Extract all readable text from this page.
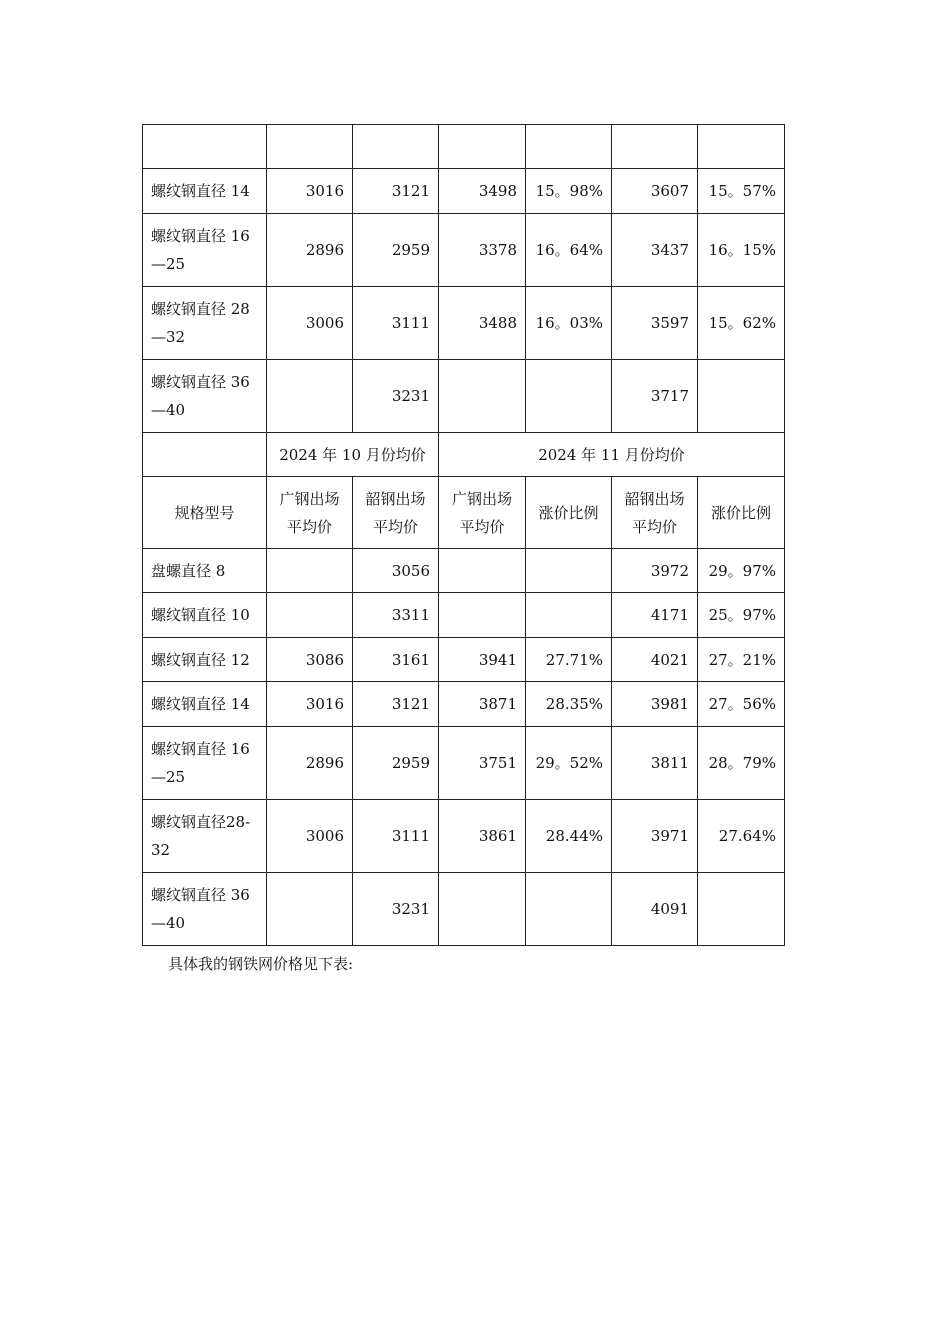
螺纹钢直径 14	3016	3121	3498	15。98%	3607	15。57%
螺纹钢直径 16—25	2896	2959	3378	16。64%	3437	16。15%
螺纹钢直径 28—32	3006	3111	3488	16。03%	3597	15。62%
螺纹钢直径 36—40		3231			3717	
	2024 年 10 月份均价		2024 年 11 月份均价			
规格型号	广钢出场平均价	韶钢出场平均价	广钢出场平均价	涨价比例	韶钢出场平均价	涨价比例
盘螺直径 8		3056			3972	29。97%
螺纹钢直径 10		3311			4171	25。97%
螺纹钢直径 12	3086	3161	3941	27.71%	4021	27。21%
螺纹钢直径 14	3016	3121	3871	28.35%	3981	27。56%
螺纹钢直径 16—25	2896	2959	3751	29。52%	3811	28。79%
螺纹钢直径28-32	3006	3111	3861	28.44%	3971	27.64%
螺纹钢直径 36—40		3231			4091	
具体我的钢铁网价格见下表:
